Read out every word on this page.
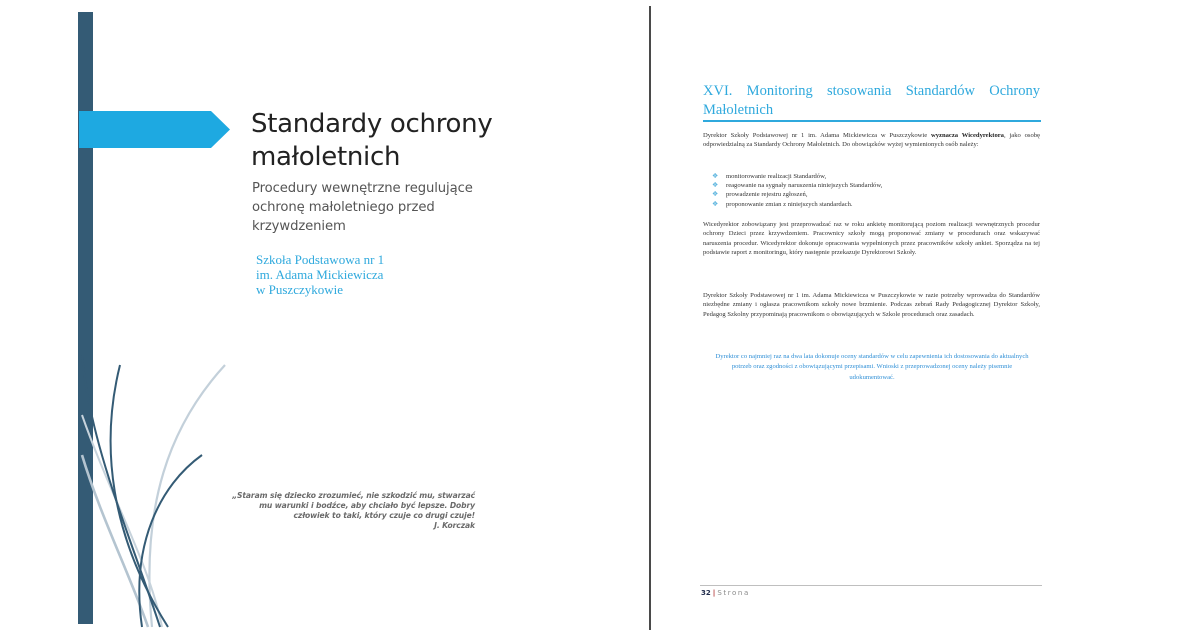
Standardy ochrony
małoletnich
Procedury wewnętrzne regulujące
ochronę małoletniego przed
krzywdzeniem
Szkoła Podstawowa nr 1
im. Adama Mickiewicza
w Puszczykowie
„Staram się dziecko zrozumieć, nie szkodzić mu, stwarzać
mu warunki i bodźce, aby chciało być lepsze. Dobry
człowiek to taki, który czuje co drugi czuje!
J. Korczak
XVI. Monitoring stosowania Standardów Ochrony
Małoletnich
Dyrektor Szkoły Podstawowej nr 1 im. Adama Mickiewicza w Puszczykowie wyznacza Wicedyrektora, jako osobę odpowiedzialną za Standardy Ochrony Małoletnich. Do obowiązków wyżej wymienionych osób należy:
❖	monitorowanie realizacji Standardów,
❖	reagowanie na sygnały naruszenia niniejszych Standardów,
❖	prowadzenie rejestru zgłoszeń,
❖	proponowanie zmian z niniejszych standardach.
Wicedyrektor zobowiązany jest przeprowadzać raz w roku ankietę monitorującą poziom realizacji wewnętrznych procedur ochrony Dzieci przez krzywdzeniem. Pracownicy szkoły mogą proponować zmiany w procedurach oraz wskazywać naruszenia procedur. Wicedyrektor dokonuje opracowania wypełnionych przez pracowników szkoły ankiet. Sporządza na tej podstawie raport z monitoringu, który następnie przekazuje Dyrektorowi Szkoły.
Dyrektor Szkoły Podstawowej nr 1 im. Adama Mickiewicza w Puszczykowie w razie potrzeby wprowadza do Standardów niezbędne zmiany i ogłasza pracownikom szkoły nowe brzmienie. Podczas zebrań Rady Pedagogicznej Dyrektor Szkoły, Pedagog Szkolny przypominają pracownikom o obowiązujących w Szkole procedurach oraz zasadach.
Dyrektor co najmniej raz na dwa lata dokonuje oceny standardów w celu zapewnienia ich dostosowania do aktualnych potrzeb oraz zgodności z obowiązującymi przepisami. Wnioski z przeprowadzonej oceny należy pisemnie udokumentować.
32 | Strona
